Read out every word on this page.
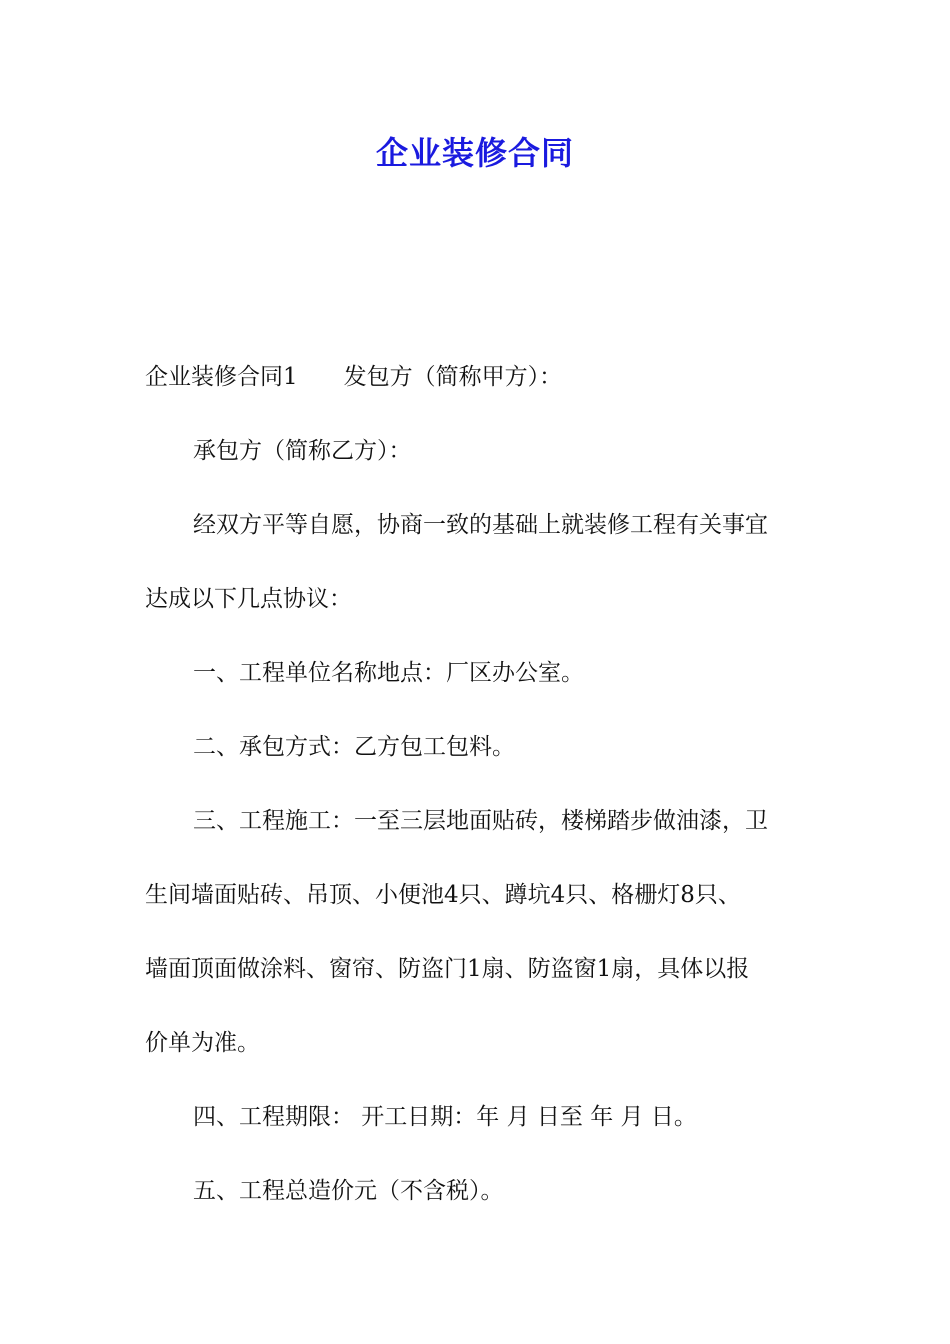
企业装修合同

企业装修合同1 发包方（简称甲方）：

承包方（简称乙方）：

经双方平等自愿，协商一致的基础上就装修工程有关事宜

达成以下几点协议：

一、工程单位名称地点：厂区办公室。

二、承包方式：乙方包工包料。

三、工程施工：一至三层地面贴砖，楼梯踏步做油漆，卫

生间墙面贴砖、吊顶、小便池4只、蹲坑4只、格栅灯8只、

墙面顶面做涂料、窗帘、防盗门1扇、防盗窗1扇，具体以报

价单为准。

四、工程期限： 开工日期：年 月 日至 年 月 日。

五、工程总造价元（不含税）。
